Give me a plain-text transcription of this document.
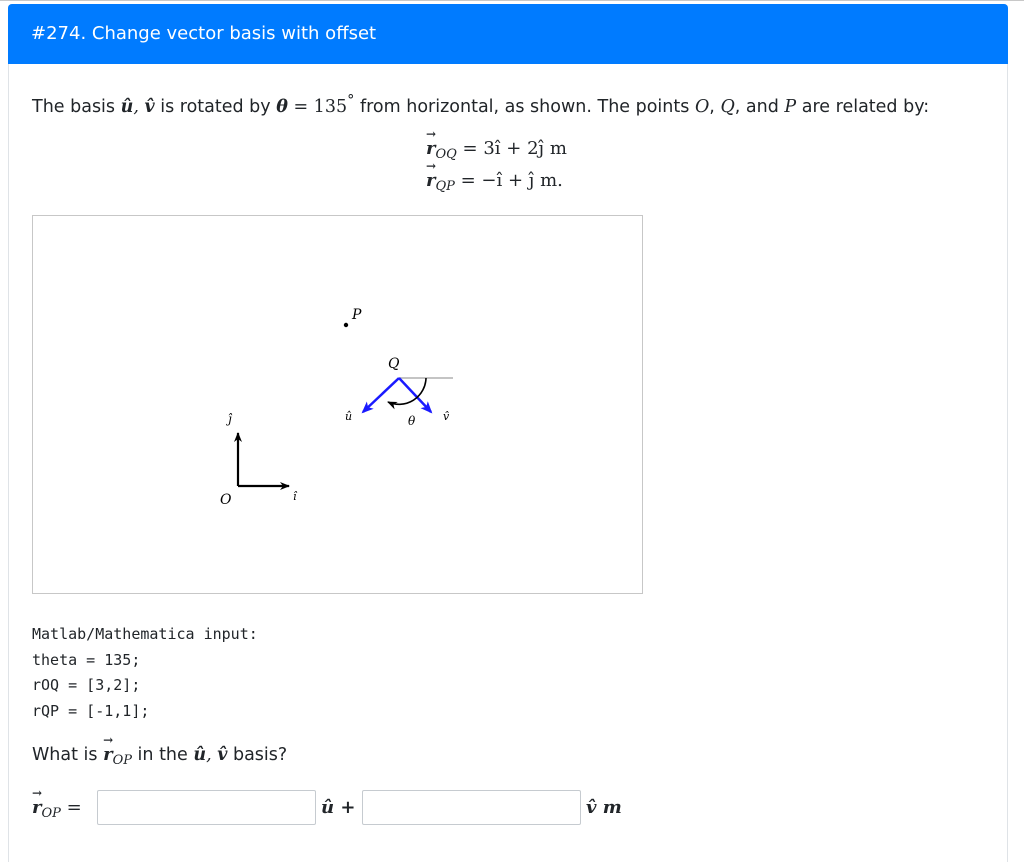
#274. Change vector basis with offset
The basis û, v̂ is rotated by θ = 135° from horizontal, as shown. The points O, Q, and P are related by:
→
$r_{OQ}$ = 3î + 2ĵ m
→
$r_{QP}$ = −î + ĵ m.
P
Q
û	θ	v̂
ĵ
î
O
Matlab/Mathematica input:
theta = 135;
rOQ = [3,2];
rQP = [-1,1];
What is
→
$r_{OP}$ in the û, v̂ basis?
→
$r_{OP}$ =	û +	v̂ m
